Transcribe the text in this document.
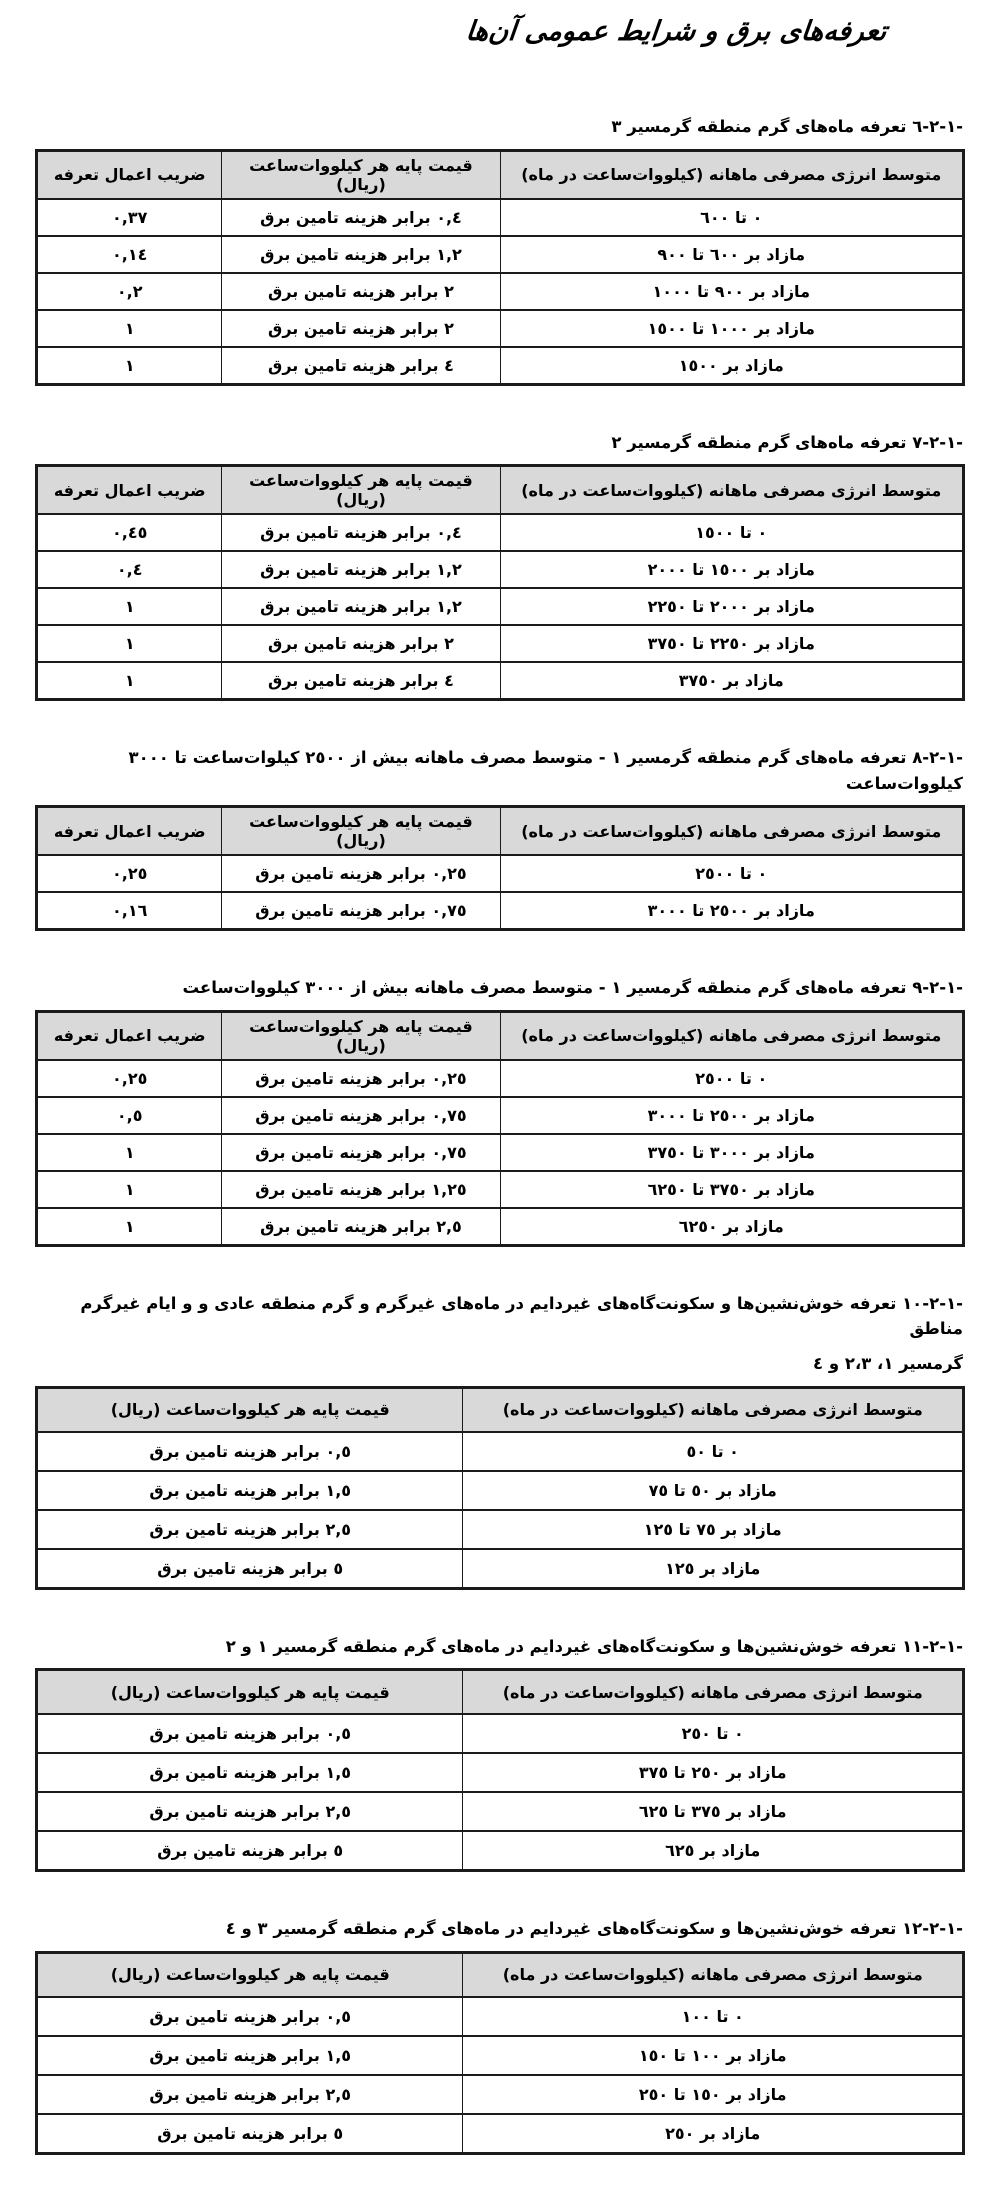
تعرفه‌های برق و شرایط عمومی آن‌ها
١-٢-٦- تعرفه ماه‌های گرم منطقه گرمسیر ٣
متوسط انرژی مصرفی ماهانه (کیلووات‌ساعت در ماه)	قیمت پایه هر کیلووات‌ساعت (ریال)	ضریب اعمال تعرفه
٠ تا ٦٠٠	٠,٤ برابر هزینه تامین برق	٠,٣٧
مازاد بر ٦٠٠ تا ٩٠٠	١,٢ برابر هزینه تامین برق	٠,١٤
مازاد بر ٩٠٠ تا ١٠٠٠	٢ برابر هزینه تامین برق	٠,٢
مازاد بر ١٠٠٠ تا ١٥٠٠	٢ برابر هزینه تامین برق	١
مازاد بر ١٥٠٠	٤ برابر هزینه تامین برق	١
١-٢-٧- تعرفه ماه‌های گرم منطقه گرمسیر ٢
متوسط انرژی مصرفی ماهانه (کیلووات‌ساعت در ماه)	قیمت پایه هر کیلووات‌ساعت (ریال)	ضریب اعمال تعرفه
٠ تا ١٥٠٠	٠,٤ برابر هزینه تامین برق	٠,٤٥
مازاد بر ١٥٠٠ تا ٢٠٠٠	١,٢ برابر هزینه تامین برق	٠,٤
مازاد بر ٢٠٠٠ تا ٢٢٥٠	١,٢ برابر هزینه تامین برق	١
مازاد بر ٢٢٥٠ تا ٣٧٥٠	٢ برابر هزینه تامین برق	١
مازاد بر ٣٧٥٠	٤ برابر هزینه تامین برق	١
١-٢-٨- تعرفه ماه‌های گرم منطقه گرمسیر ١ - متوسط مصرف ماهانه بیش از ٢٥٠٠ کیلوات‌ساعت تا ٣٠٠٠ کیلووات‌ساعت
متوسط انرژی مصرفی ماهانه (کیلووات‌ساعت در ماه)	قیمت پایه هر کیلووات‌ساعت (ریال)	ضریب اعمال تعرفه
٠ تا ٢٥٠٠	٠,٢٥ برابر هزینه تامین برق	٠,٢٥
مازاد بر ٢٥٠٠ تا ٣٠٠٠	٠,٧٥ برابر هزینه تامین برق	٠,١٦
١-٢-٩- تعرفه ماه‌های گرم منطقه گرمسیر ١ - متوسط مصرف ماهانه بیش از ٣٠٠٠ کیلووات‌ساعت
متوسط انرژی مصرفی ماهانه (کیلووات‌ساعت در ماه)	قیمت پایه هر کیلووات‌ساعت (ریال)	ضریب اعمال تعرفه
٠ تا ٢٥٠٠	٠,٢٥ برابر هزینه تامین برق	٠,٢٥
مازاد بر ٢٥٠٠ تا ٣٠٠٠	٠,٧٥ برابر هزینه تامین برق	٠,٥
مازاد بر ٣٠٠٠ تا ٣٧٥٠	٠,٧٥ برابر هزینه تامین برق	١
مازاد بر ٣٧٥٠ تا ٦٢٥٠	١,٢٥ برابر هزینه تامین برق	١
مازاد بر ٦٢٥٠	٢,٥ برابر هزینه تامین برق	١
١-٢-١٠- تعرفه خوش‌نشین‌ها و سکونت‌گاه‌های غیردایم در ماه‌های غیرگرم و گرم منطقه عادی و و ایام غیرگرم مناطق
گرمسیر ١، ٢،٣ و ٤
متوسط انرژی مصرفی ماهانه (کیلووات‌ساعت در ماه)	قیمت پایه هر کیلووات‌ساعت (ریال)
٠ تا ٥٠	٠,٥ برابر هزینه تامین برق
مازاد بر ٥٠ تا ٧٥	١,٥ برابر هزینه تامین برق
مازاد بر ٧٥ تا ١٢٥	٢,٥ برابر هزینه تامین برق
مازاد بر ١٢٥	٥ برابر هزینه تامین برق
١-٢-١١- تعرفه خوش‌نشین‌ها و سکونت‌گاه‌های غیردایم در ماه‌های گرم منطقه گرمسیر ١ و ٢
متوسط انرژی مصرفی ماهانه (کیلووات‌ساعت در ماه)	قیمت پایه هر کیلووات‌ساعت (ریال)
٠ تا ٢٥٠	٠,٥ برابر هزینه تامین برق
مازاد بر ٢٥٠ تا ٣٧٥	١,٥ برابر هزینه تامین برق
مازاد بر ٣٧٥ تا ٦٢٥	٢,٥ برابر هزینه تامین برق
مازاد بر ٦٢٥	٥ برابر هزینه تامین برق
١-٢-١٢- تعرفه خوش‌نشین‌ها و سکونت‌گاه‌های غیردایم در ماه‌های گرم منطقه گرمسیر ٣ و ٤
متوسط انرژی مصرفی ماهانه (کیلووات‌ساعت در ماه)	قیمت پایه هر کیلووات‌ساعت (ریال)
٠ تا ١٠٠	٠,٥ برابر هزینه تامین برق
مازاد بر ١٠٠ تا ١٥٠	١,٥ برابر هزینه تامین برق
مازاد بر ١٥٠ تا ٢٥٠	٢,٥ برابر هزینه تامین برق
مازاد بر ٢٥٠	٥ برابر هزینه تامین برق
